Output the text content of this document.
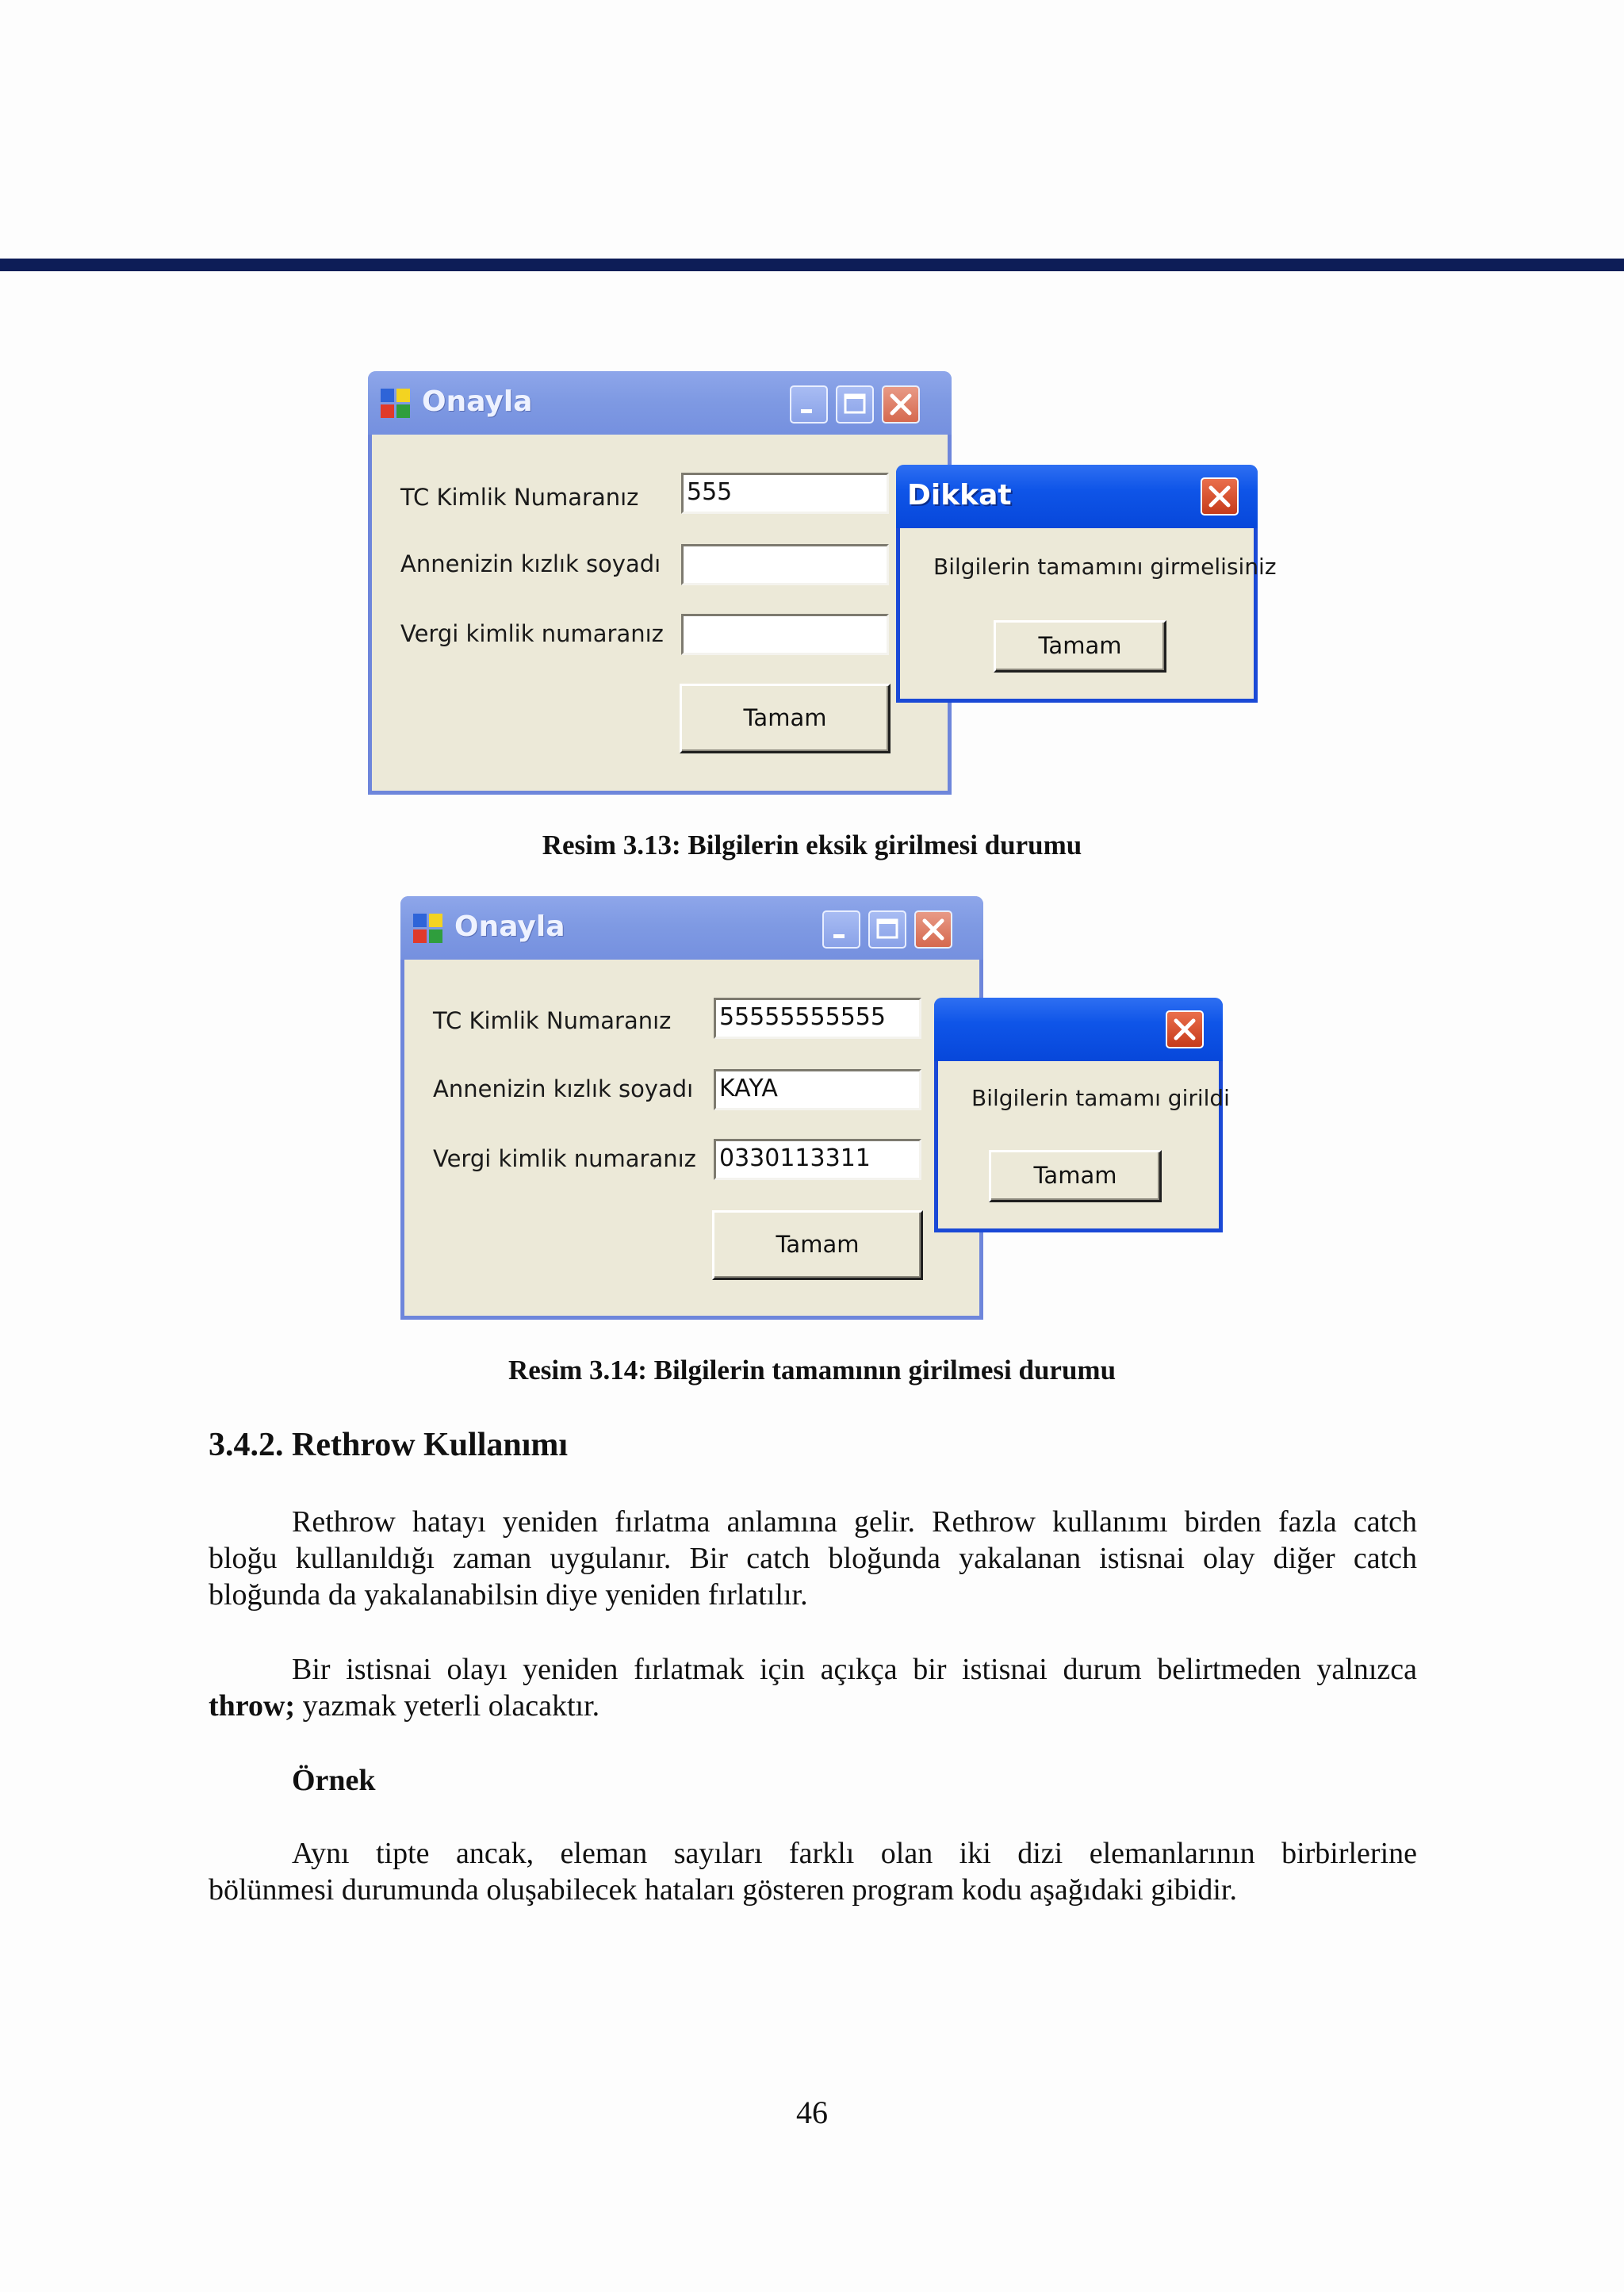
Onayla
TC Kimlik Numaranız
Annenizin kızlık soyadı
Vergi kimlik numaranız
555
Tamam
Dikkat
Bilgilerin tamamını girmelisiniz
Tamam
Resim 3.13: Bilgilerin eksik girilmesi durumu
Onayla
TC Kimlik Numaranız
Annenizin kızlık soyadı
Vergi kimlik numaranız
55555555555
KAYA
0330113311
Tamam
Bilgilerin tamamı girildi
Tamam
Resim 3.14: Bilgilerin tamamının girilmesi durumu
3.4.2. Rethrow Kullanımı
Rethrow hatayı yeniden fırlatma anlamına gelir. Rethrow kullanımı birden fazla catch
bloğu kullanıldığı zaman uygulanır. Bir catch bloğunda yakalanan istisnai olay diğer catch
bloğunda da yakalanabilsin diye yeniden fırlatılır.
Bir istisnai olayı yeniden fırlatmak için açıkça bir istisnai durum belirtmeden yalnızca
throw; yazmak yeterli olacaktır.
Örnek
Aynı tipte ancak, eleman sayıları farklı olan iki dizi elemanlarının birbirlerine
bölünmesi durumunda oluşabilecek hataları gösteren program kodu aşağıdaki gibidir.
46
